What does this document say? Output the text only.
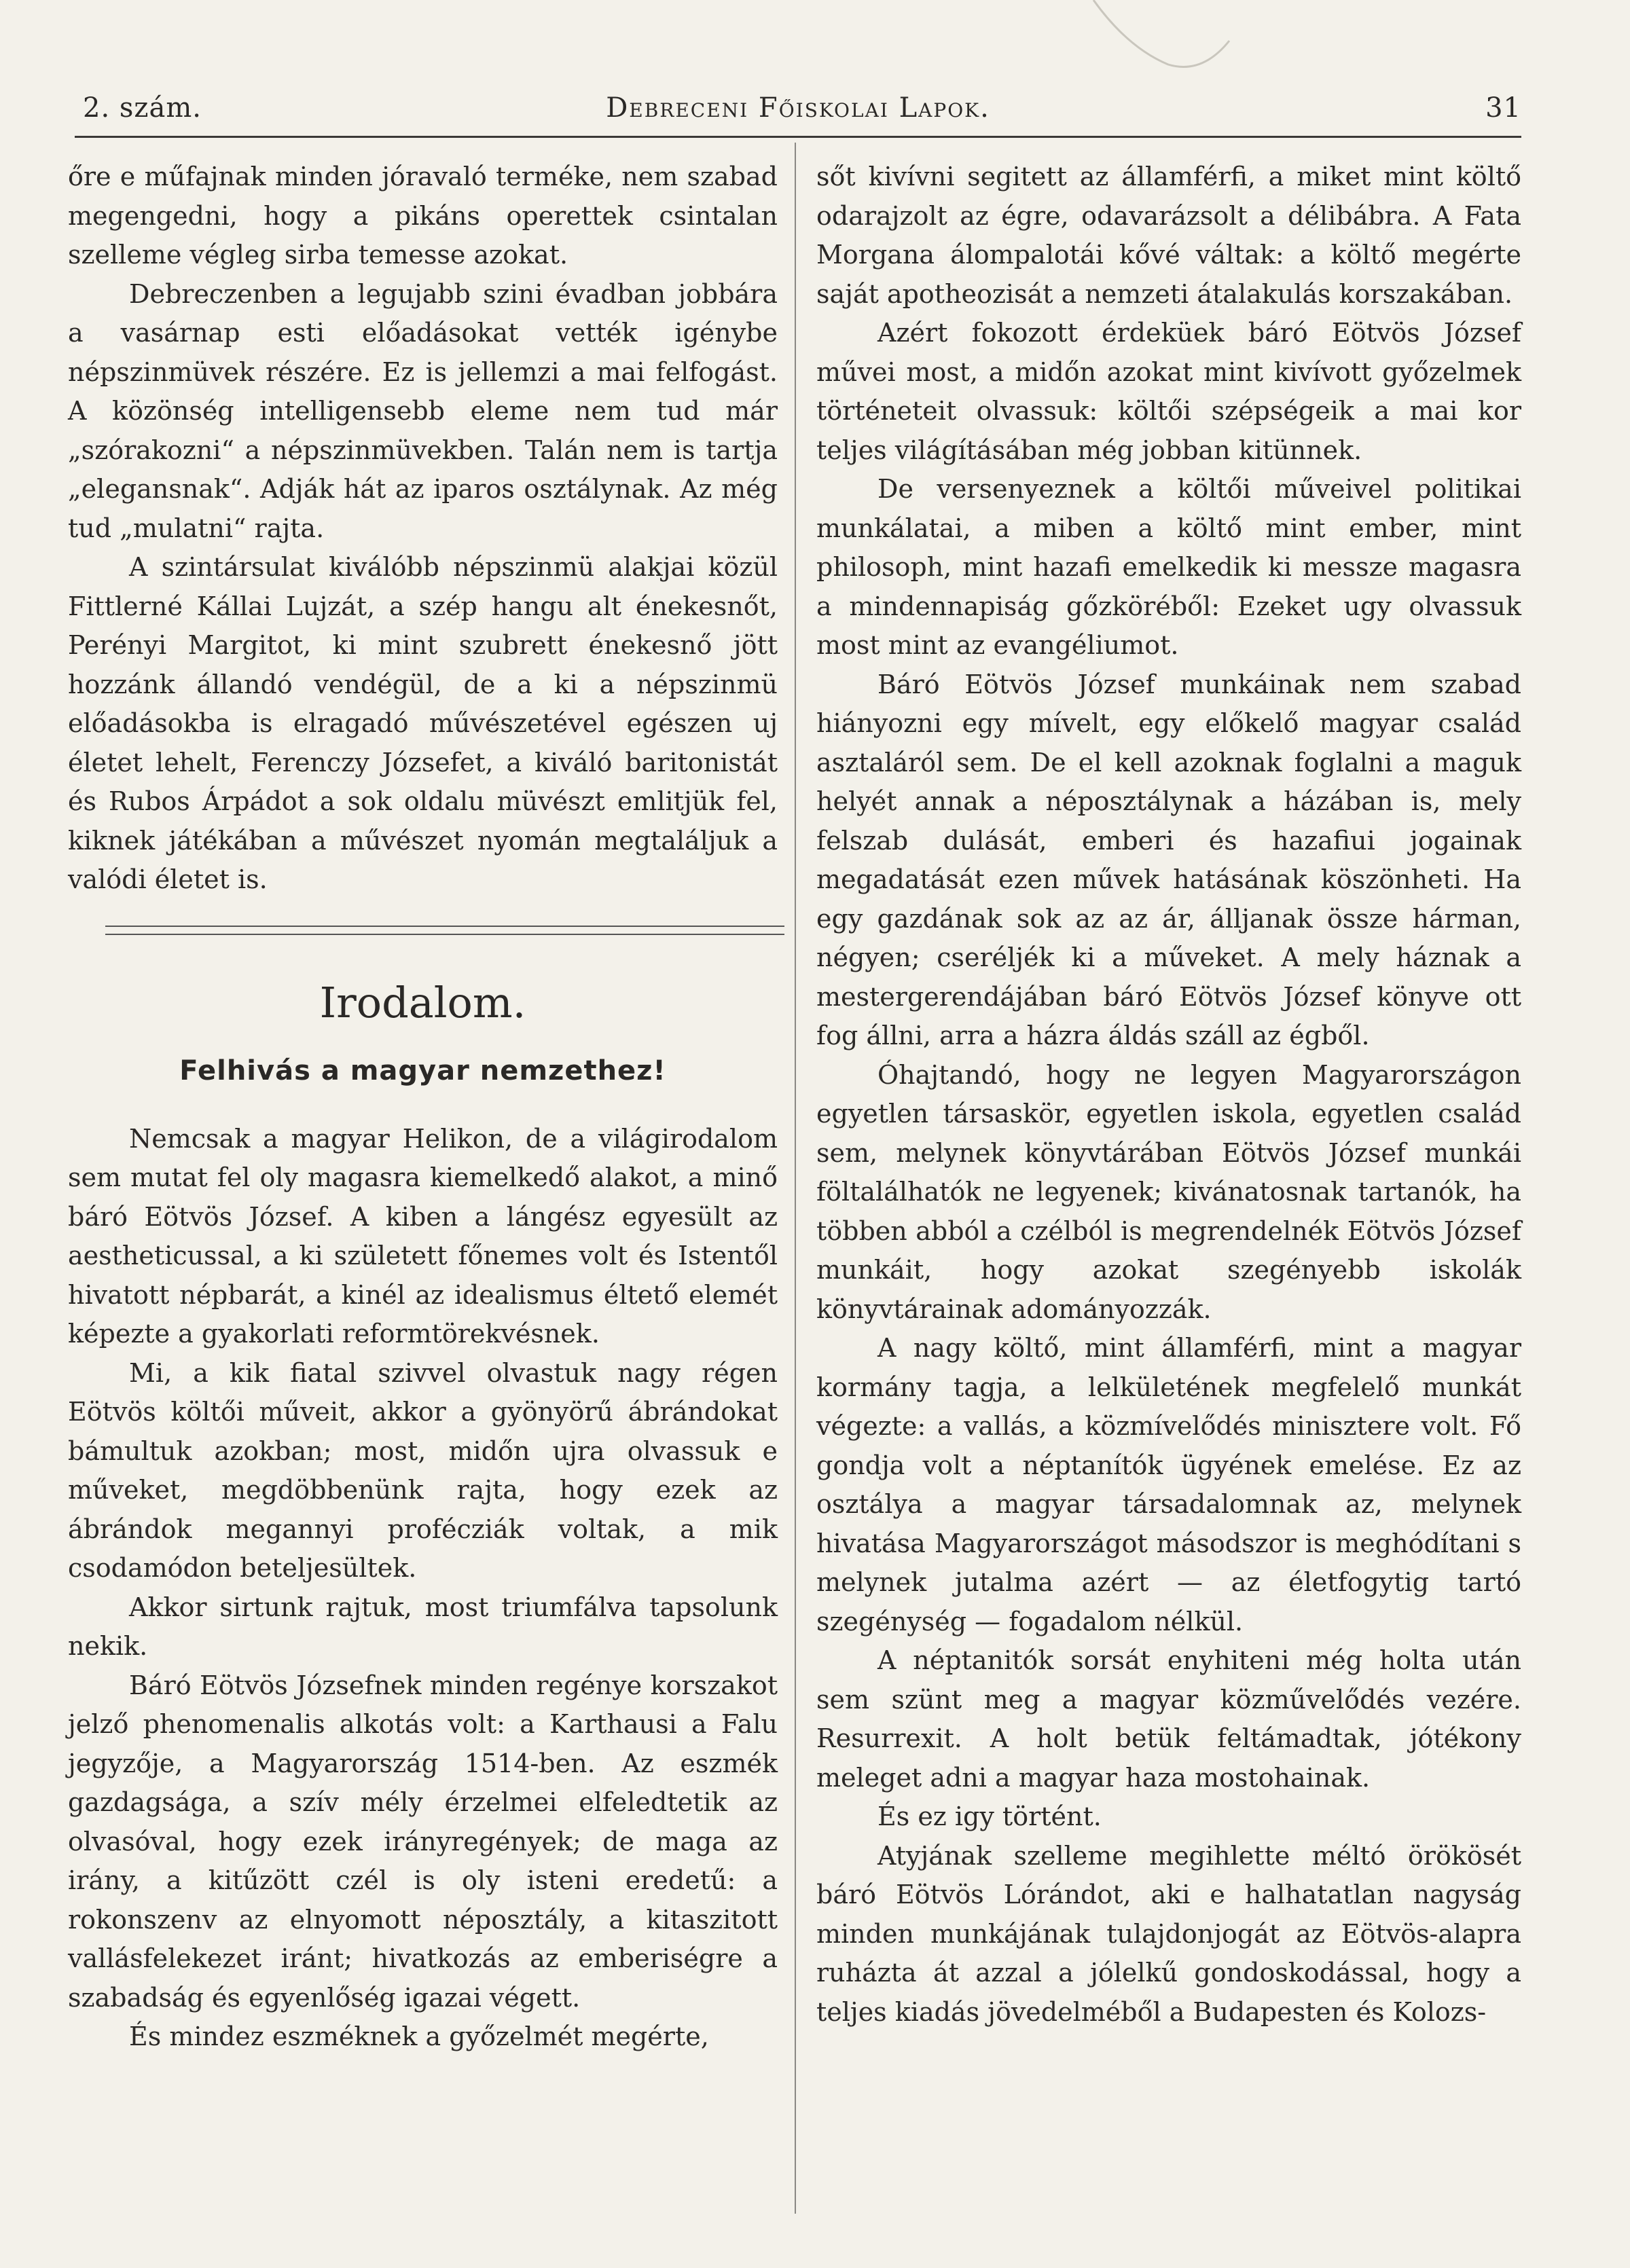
2. szám.	Debreceni Főiskolai Lapok.	31

őre e műfajnak minden jóravaló terméke, nem szabad megengedni, hogy a pikáns operettek csintalan szelleme végleg sirba temesse azokat.

Debreczenben a legujabb szini évadban jobbára a vasárnap esti előadásokat vették igénybe népszinmüvek részére. Ez is jellemzi a mai felfogást. A közönség intelligensebb eleme nem tud már „szórakozni“ a népszinmüvekben. Talán nem is tartja „elegansnak“. Adják hát az iparos osztálynak. Az még tud „mulatni“ rajta.

A szintársulat kiválóbb népszinmü alakjai közül Fittlerné Kállai Lujzát, a szép hangu alt énekesnőt, Perényi Margitot, ki mint szubrett énekesnő jött hozzánk állandó vendégül, de a ki a népszinmü előadásokba is elragadó művészetével egészen uj életet lehelt, Ferenczy Józsefet, a kiváló baritonistát és Rubos Árpádot a sok oldalu müvészt emlitjük fel, kiknek játékában a művészet nyomán megtaláljuk a valódi életet is.

Irodalom.
Felhivás a magyar nemzethez!

Nemcsak a magyar Helikon, de a világirodalom sem mutat fel oly magasra kiemelkedő alakot, a minő báró Eötvös József. A kiben a lángész egyesült az aestheticussal, a ki született főnemes volt és Istentől hivatott népbarát, a kinél az idealismus éltető elemét képezte a gyakorlati reformtörekvésnek.

Mi, a kik fiatal szivvel olvastuk nagy régen Eötvös költői műveit, akkor a gyönyörű ábrándokat bámultuk azokban; most, midőn ujra olvassuk e műveket, megdöbbenünk rajta, hogy ezek az ábrándok megannyi profécziák voltak, a mik csodamódon beteljesültek.

Akkor sirtunk rajtuk, most triumfálva tapsolunk nekik.

Báró Eötvös Józsefnek minden regénye korszakot jelző phenomenalis alkotás volt: a Karthausi a Falu jegyzője, a Magyarország 1514-ben. Az eszmék gazdagsága, a szív mély érzelmei elfeledtetik az olvasóval, hogy ezek irányregények; de maga az irány, a kitűzött czél is oly isteni eredetű: a rokonszenv az elnyomott néposztály, a kitaszitott vallásfelekezet iránt; hivatkozás az emberiségre a szabadság és egyenlőség igazai végett.

És mindez eszméknek a győzelmét megérte,

sőt kivívni segitett az államférfi, a miket mint költő odarajzolt az égre, odavarázsolt a délibábra. A Fata Morgana álompalotái kővé váltak: a költő megérte saját apotheozisát a nemzeti átalakulás korszakában.

Azért fokozott érdeküek báró Eötvös József művei most, a midőn azokat mint kivívott győzelmek történeteit olvassuk: költői szépségeik a mai kor teljes világításában még jobban kitünnek.

De versenyeznek a költői műveivel politikai munkálatai, a miben a költő mint ember, mint philosoph, mint hazafi emelkedik ki messze magasra a mindennapiság gőzköréből: Ezeket ugy olvassuk most mint az evangéliumot.

Báró Eötvös József munkáinak nem szabad hiányozni egy mívelt, egy előkelő magyar család asztaláról sem. De el kell azoknak foglalni a maguk helyét annak a néposztálynak a házában is, mely felszab dulását, emberi és hazafiui jogainak megadatását ezen művek hatásának köszönheti. Ha egy gazdának sok az az ár, álljanak össze hárman, négyen; cseréljék ki a műveket. A mely háznak a mestergerendájában báró Eötvös József könyve ott fog állni, arra a házra áldás száll az égből.

Óhajtandó, hogy ne legyen Magyarországon egyetlen társaskör, egyetlen iskola, egyetlen család sem, melynek könyvtárában Eötvös József munkái föltalálhatók ne legyenek; kivánatosnak tartanók, ha többen abból a czélból is megrendelnék Eötvös József munkáit, hogy azokat szegényebb iskolák könyvtárainak adományozzák.

A nagy költő, mint államférfi, mint a magyar kormány tagja, a lelkületének megfelelő munkát végezte: a vallás, a közmívelődés minisztere volt. Fő gondja volt a néptanítók ügyének emelése. Ez az osztálya a magyar társadalomnak az, melynek hivatása Magyarországot másodszor is meghódítani s melynek jutalma azért — az életfogytig tartó szegénység — fogadalom nélkül.

A néptanitók sorsát enyhiteni még holta után sem szünt meg a magyar közművelődés vezére. Resurrexit. A holt betük feltámadtak, jótékony meleget adni a magyar haza mostohainak.

És ez igy történt.

Atyjának szelleme megihlette méltó örökösét báró Eötvös Lórándot, aki e halhatatlan nagyság minden munkájának tulajdonjogát az Eötvös-alapra ruházta át azzal a jólelkű gondoskodással, hogy a teljes kiadás jövedelméből a Budapesten és Kolozs-
